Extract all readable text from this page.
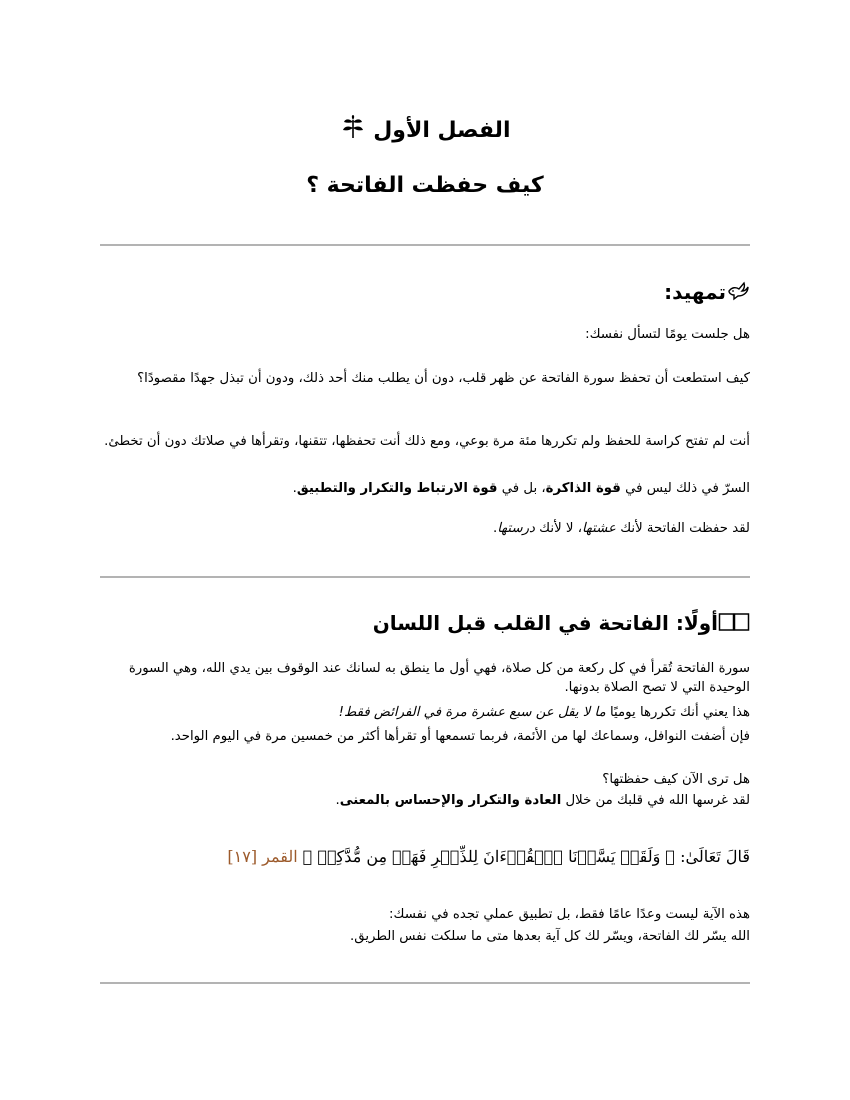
الفصل الأول
كيف حفظت الفاتحة ؟
تمهيد:
هل جلست يومًا لتسأل نفسك:
كيف استطعت أن تحفظ سورة الفاتحة عن ظهر قلب، دون أن يطلب منك أحد ذلك، ودون أن تبذل جهدًا مقصودًا؟
أنت لم تفتح كراسة للحفظ ولم تكررها مئة مرة بوعي، ومع ذلك أنت تحفظها، تتقنها، وتقرأها في صلاتك دون أن تخطئ.
السرّ في ذلك ليس في قوة الذاكرة، بل في قوة الارتباط والتكرار والتطبيق.
لقد حفظت الفاتحة لأنك عشتها، لا لأنك درستها.
أولًا: الفاتحة في القلب قبل اللسان
سورة الفاتحة تُقرأ في كل ركعة من كل صلاة، فهي أول ما ينطق به لسانك عند الوقوف بين يدي الله، وهي السورة الوحيدة التي لا تصح الصلاة بدونها.
هذا يعني أنك تكررها يوميًا ما لا يقل عن سبع عشرة مرة في الفرائض فقط!
فإن أضفت النوافل، وسماعك لها من الأئمة، فربما تسمعها أو تقرأها أكثر من خمسين مرة في اليوم الواحد.
هل ترى الآن كيف حفظتها؟
لقد غرسها الله في قلبك من خلال العادة والتكرار والإحساس بالمعنى.
قَالَ تَعَالَىٰ: ﴿ وَلَقَدۡ يَسَّرۡنَا ٱلۡقُرۡءَانَ لِلذِّكۡرِ فَهَلۡ مِن مُّدَّكِرٖ ﴾ القمر [١٧]
هذه الآية ليست وعدًا عامًا فقط، بل تطبيق عملي تجده في نفسك:
الله يسّر لك الفاتحة، ويسّر لك كل آية بعدها متى ما سلكت نفس الطريق.
